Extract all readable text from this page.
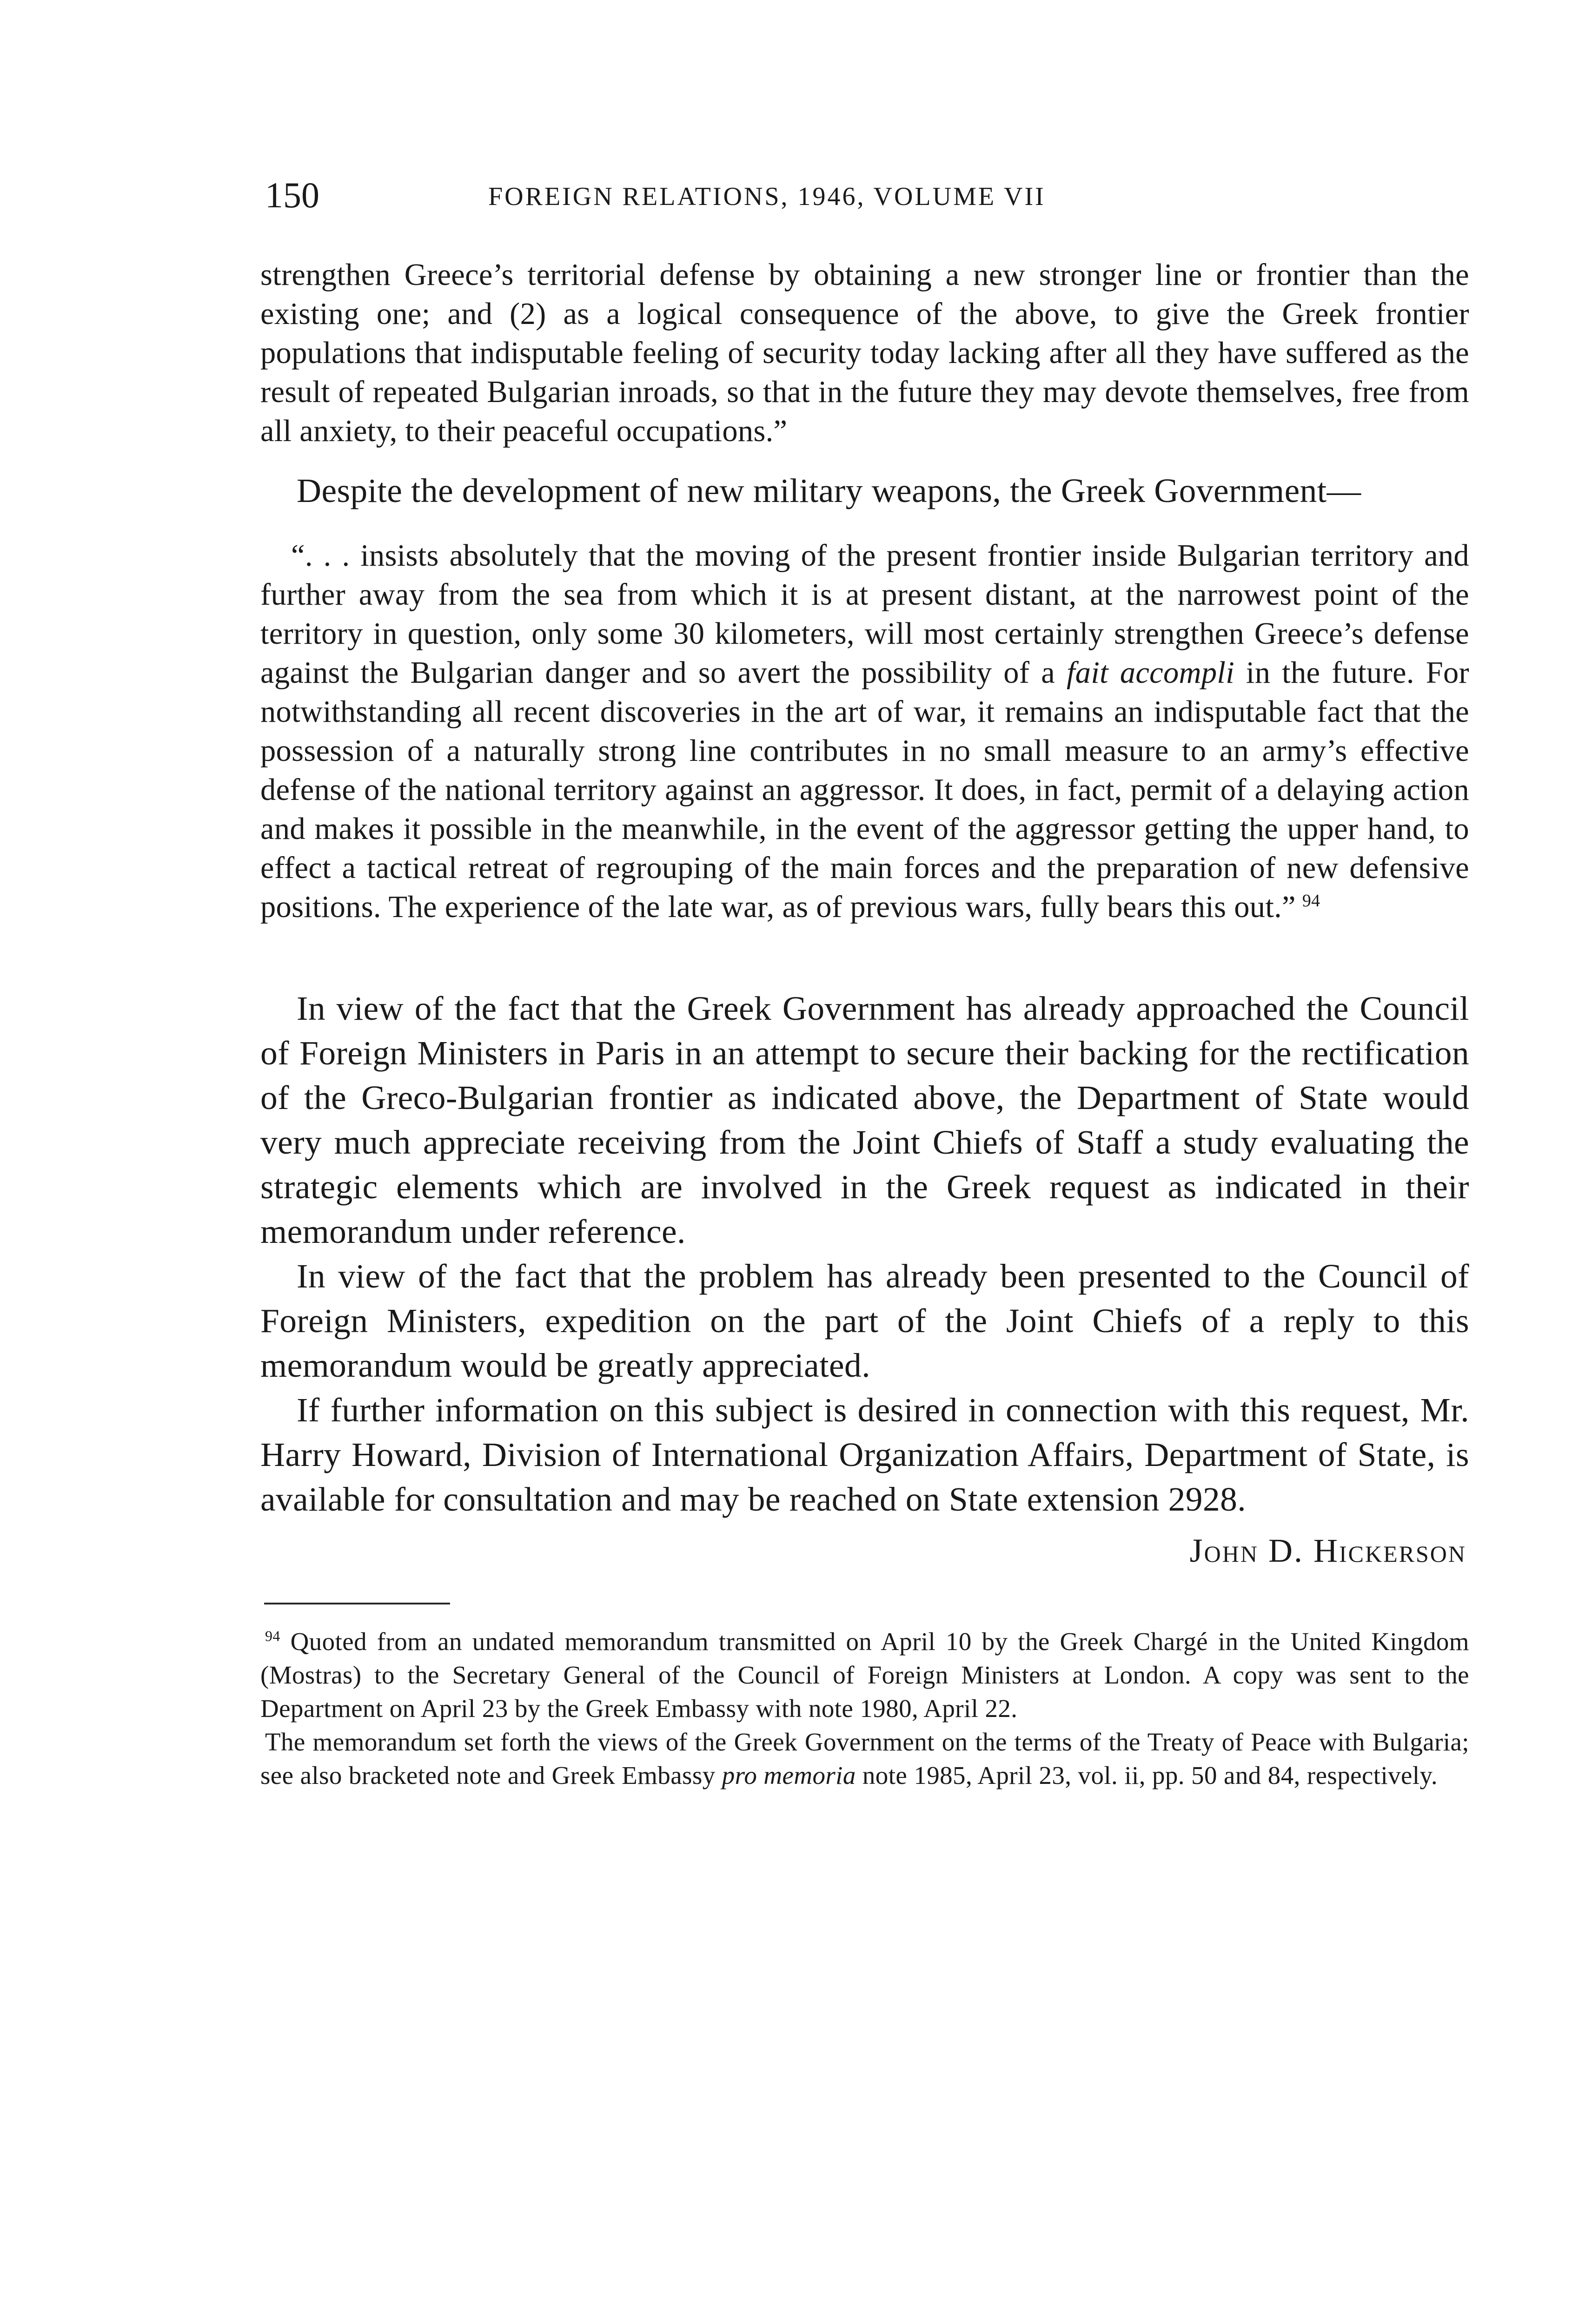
150	FOREIGN RELATIONS, 1946, VOLUME VII

strengthen Greece’s territorial defense by obtaining a new stronger line or frontier than the existing one; and (2) as a logical consequence of the above, to give the Greek frontier populations that indisputable feeling of security today lacking after all they have suffered as the result of repeated Bulgarian inroads, so that in the future they may devote themselves, free from all anxiety, to their peaceful occupations.”

Despite the development of new military weapons, the Greek Government—

“. . . insists absolutely that the moving of the present frontier inside Bulgarian territory and further away from the sea from which it is at present distant, at the narrowest point of the territory in question, only some 30 kilometers, will most certainly strengthen Greece’s defense against the Bulgarian danger and so avert the possibility of a fait accompli in the future. For notwithstanding all recent discoveries in the art of war, it remains an indisputable fact that the possession of a naturally strong line contributes in no small measure to an army’s effective defense of the national territory against an aggressor. It does, in fact, permit of a delaying action and makes it possible in the meanwhile, in the event of the aggressor getting the upper hand, to effect a tactical retreat of regrouping of the main forces and the preparation of new defensive positions. The experience of the late war, as of previous wars, fully bears this out.” $^{94}$

In view of the fact that the Greek Government has already approached the Council of Foreign Ministers in Paris in an attempt to secure their backing for the rectification of the Greco-Bulgarian frontier as indicated above, the Department of State would very much appreciate receiving from the Joint Chiefs of Staff a study evaluating the strategic elements which are involved in the Greek request as indicated in their memorandum under reference.

In view of the fact that the problem has already been presented to the Council of Foreign Ministers, expedition on the part of the Joint Chiefs of a reply to this memorandum would be greatly appreciated.

If further information on this subject is desired in connection with this request, Mr. Harry Howard, Division of International Organization Affairs, Department of State, is available for consultation and may be reached on State extension 2928.

John D. Hickerson

$^{94}$ Quoted from an undated memorandum transmitted on April 10 by the Greek Chargé in the United Kingdom (Mostras) to the Secretary General of the Council of Foreign Ministers at London. A copy was sent to the Department on April 23 by the Greek Embassy with note 1980, April 22.

The memorandum set forth the views of the Greek Government on the terms of the Treaty of Peace with Bulgaria; see also bracketed note and Greek Embassy pro memoria note 1985, April 23, vol. ii, pp. 50 and 84, respectively.
